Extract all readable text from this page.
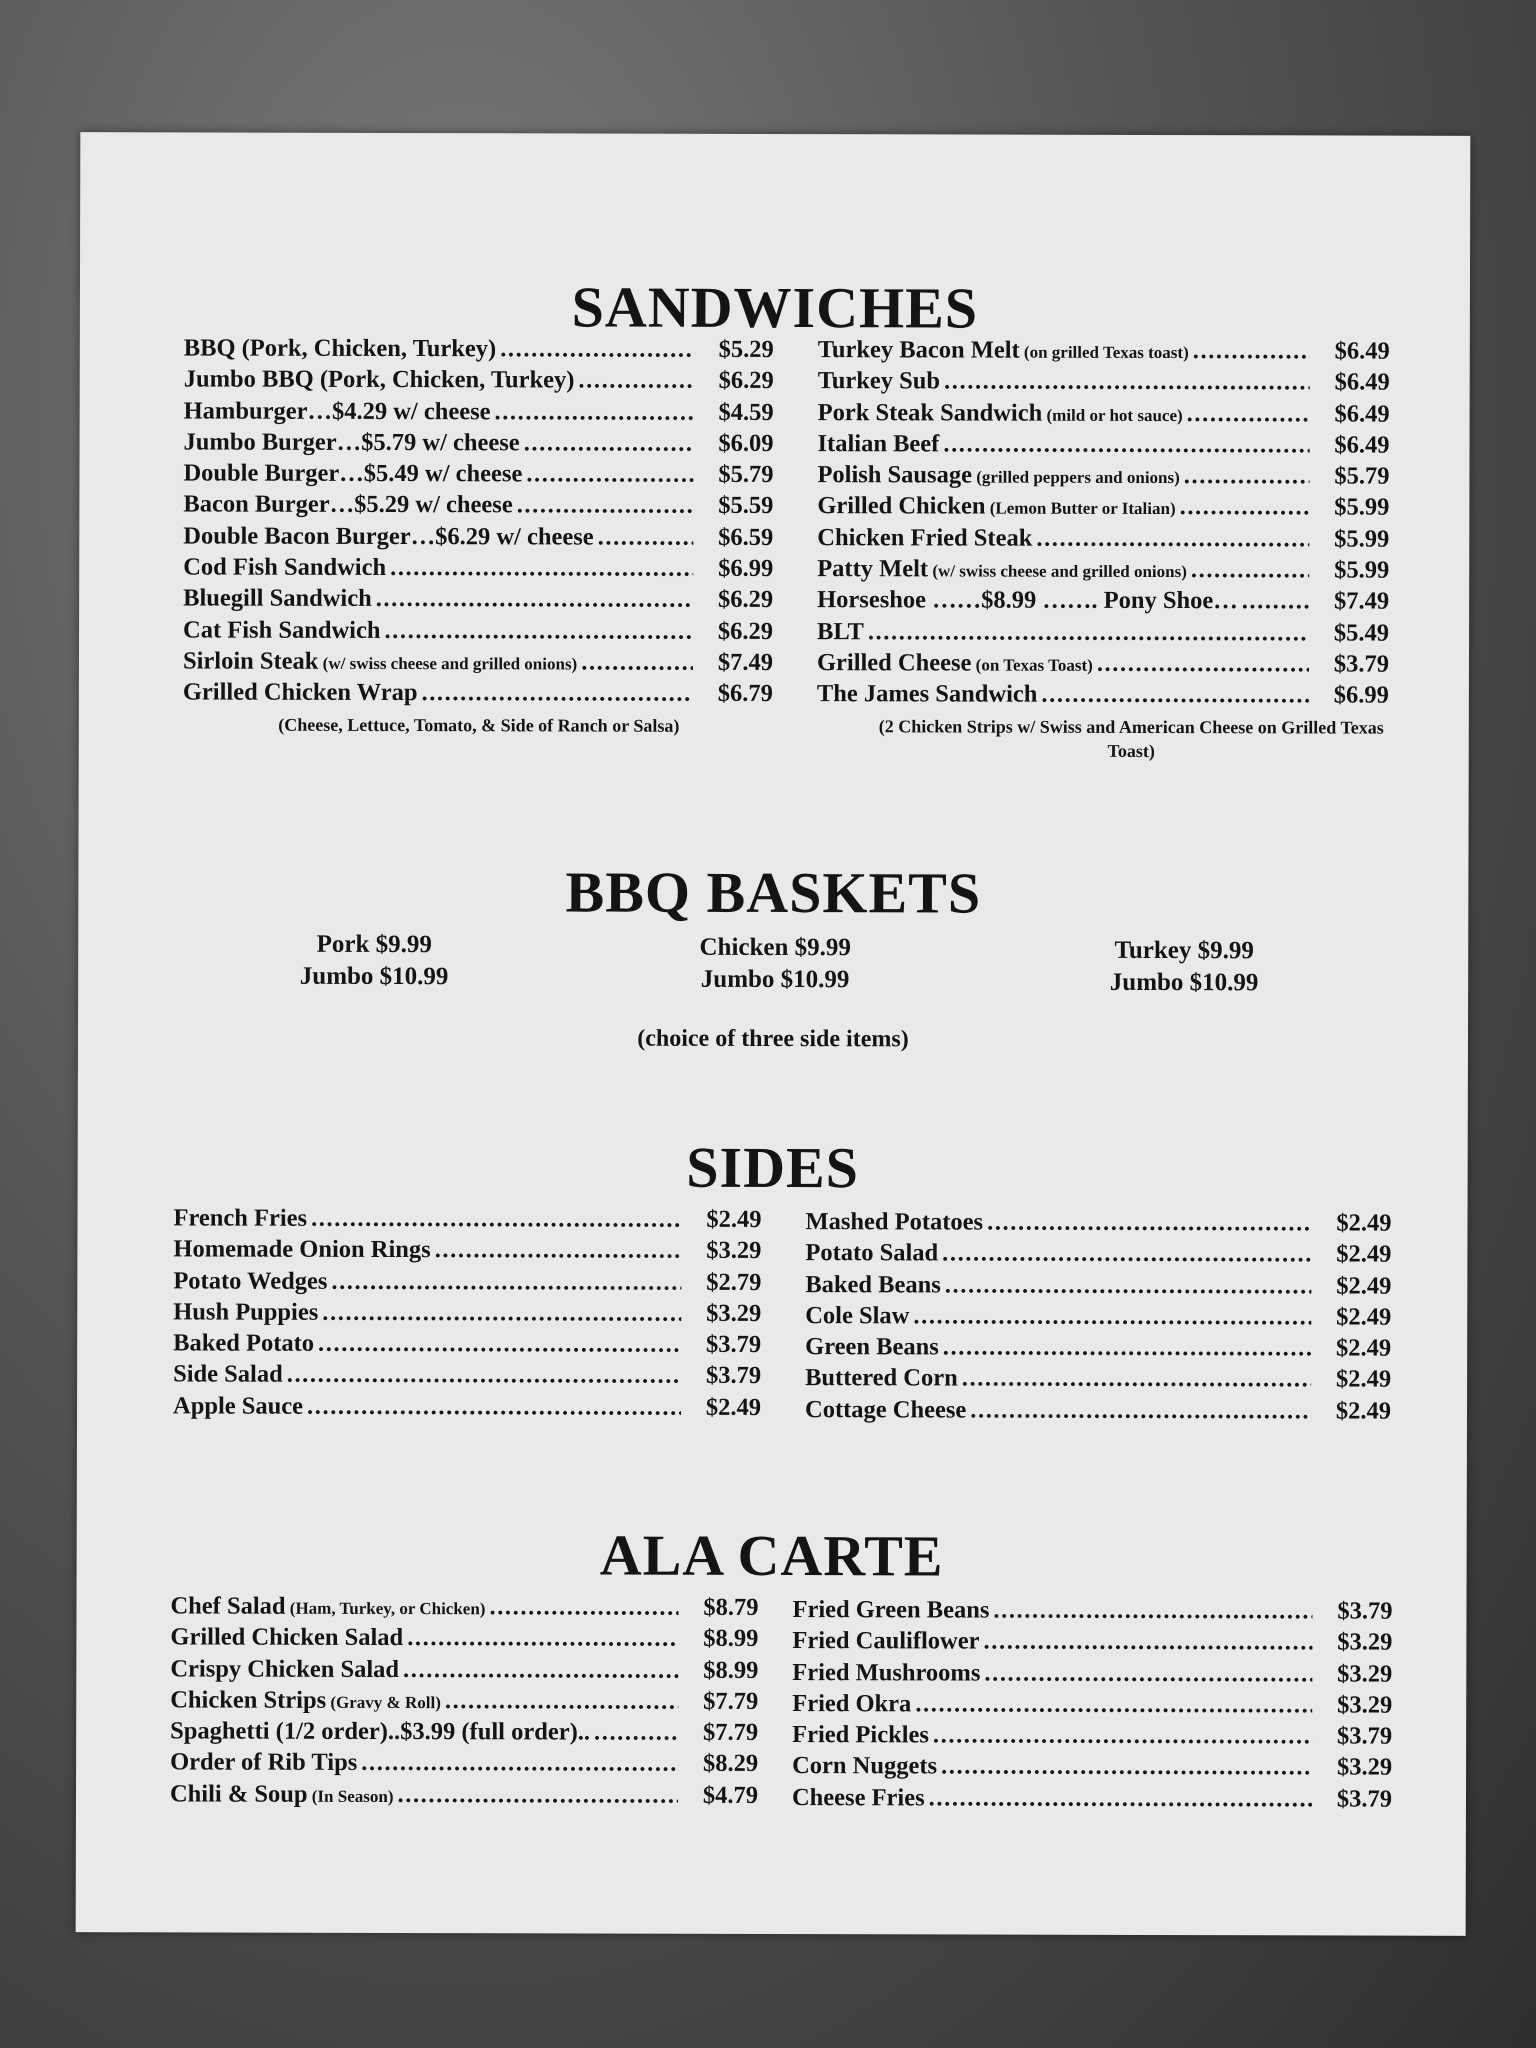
SANDWICHES
BBQ (Pork, Chicken, Turkey) .....	$5.29
Jumbo BBQ (Pork, Chicken, Turkey) .....	$6.29
Hamburger…$4.29 w/ cheese .....	$4.59
Jumbo Burger…$5.79 w/ cheese .....	$6.09
Double Burger…$5.49 w/ cheese .....	$5.79
Bacon Burger…$5.29 w/ cheese .....	$5.59
Double Bacon Burger…$6.29 w/ cheese .....	$6.59
Cod Fish Sandwich .....	$6.99
Bluegill Sandwich .....	$6.29
Cat Fish Sandwich .....	$6.29
Sirloin Steak (w/ swiss cheese and grilled onions) .....	$7.49
Grilled Chicken Wrap .....	$6.79
Turkey Bacon Melt (on grilled Texas toast) .....	$6.49
Turkey Sub .....	$6.49
Pork Steak Sandwich (mild or hot sauce) .....	$6.49
Italian Beef .....	$6.49
Polish Sausage (grilled peppers and onions) .....	$5.79
Grilled Chicken (Lemon Butter or Italian) .....	$5.99
Chicken Fried Steak .....	$5.99
Patty Melt (w/ swiss cheese and grilled onions) .....	$5.99
Horseshoe ……$8.99 ……. Pony Shoe… .....	$7.49
BLT .....	$5.49
Grilled Cheese (on Texas Toast) .....	$3.79
The James Sandwich .....	$6.99
(Cheese, Lettuce, Tomato, & Side of Ranch or Salsa)	(2 Chicken Strips w/ Swiss and American Cheese on Grilled Texas Toast)
BBQ BASKETS
Pork $9.99
Jumbo $10.99
Chicken $9.99
Jumbo $10.99
Turkey $9.99
Jumbo $10.99
(choice of three side items)
SIDES
French Fries .....	$2.49
Homemade Onion Rings .....	$3.29
Potato Wedges .....	$2.79
Hush Puppies .....	$3.29
Baked Potato .....	$3.79
Side Salad .....	$3.79
Apple Sauce .....	$2.49
Mashed Potatoes .....	$2.49
Potato Salad .....	$2.49
Baked Beans .....	$2.49
Cole Slaw .....	$2.49
Green Beans .....	$2.49
Buttered Corn .....	$2.49
Cottage Cheese .....	$2.49
ALA CARTE
Chef Salad (Ham, Turkey, or Chicken) .....	$8.79
Grilled Chicken Salad .....	$8.99
Crispy Chicken Salad .....	$8.99
Chicken Strips (Gravy & Roll) .....	$7.79
Spaghetti (1/2 order)..$3.99 (full order).. .....	$7.79
Order of Rib Tips .....	$8.29
Chili & Soup (In Season) .....	$4.79
Fried Green Beans .....	$3.79
Fried Cauliflower .....	$3.29
Fried Mushrooms .....	$3.29
Fried Okra .....	$3.29
Fried Pickles .....	$3.79
Corn Nuggets .....	$3.29
Cheese Fries .....	$3.79
